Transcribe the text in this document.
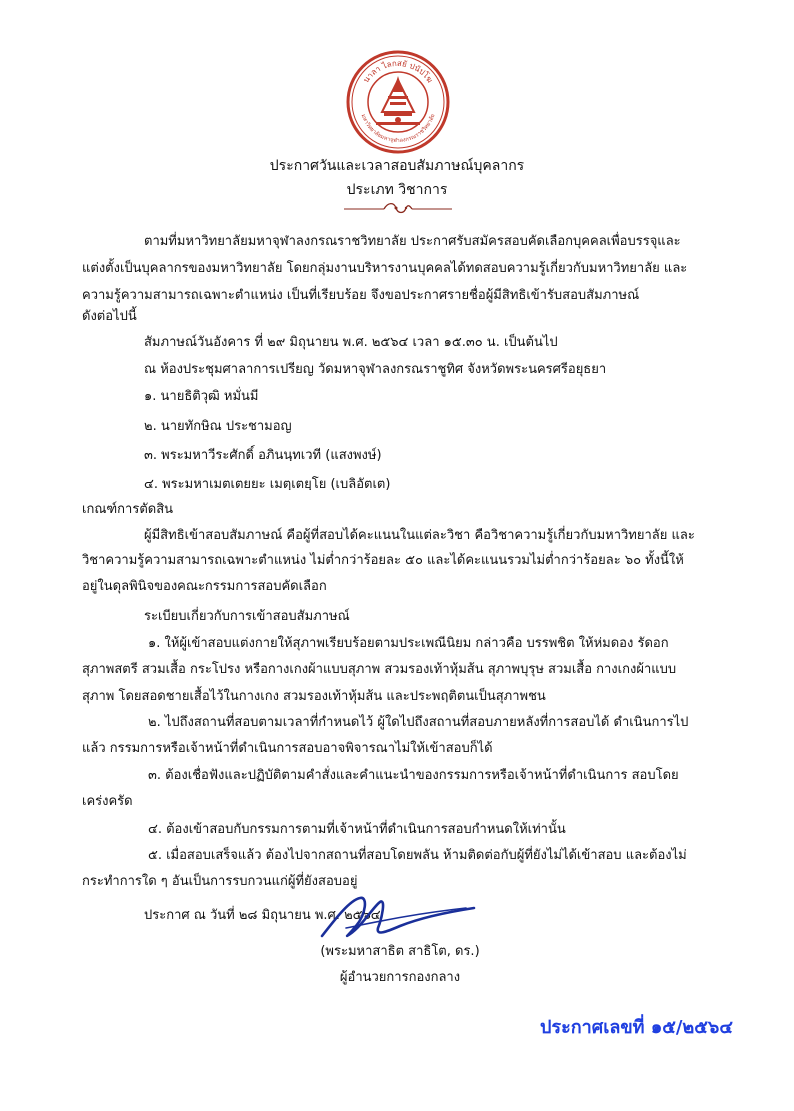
นาลา ไลกสยั ปนัปโฆ
มหาวิทยาลัยมหาจุฬาลงกรณราชวิทยาลัย
ประกาศวันและเวลาสอบสัมภาษณ์บุคลากร
ประเภท วิชาการ
ตามที่มหาวิทยาลัยมหาจุฬาลงกรณราชวิทยาลัย ประกาศรับสมัครสอบคัดเลือกบุคคลเพื่อบรรจุและ
แต่งตั้งเป็นบุคลากรของมหาวิทยาลัย โดยกลุ่มงานบริหารงานบุคคลได้ทดสอบความรู้เกี่ยวกับมหาวิทยาลัย และ
ความรู้ความสามารถเฉพาะตำแหน่ง เป็นที่เรียบร้อย จึงขอประกาศรายชื่อผู้มีสิทธิเข้ารับสอบสัมภาษณ์
ดังต่อไปนี้
สัมภาษณ์วันอังคาร ที่ ๒๙ มิถุนายน พ.ศ. ๒๕๖๔ เวลา ๑๕.๓๐ น. เป็นต้นไป
ณ ห้องประชุมศาลาการเปรียญ วัดมหาจุฬาลงกรณราชูทิศ จังหวัดพระนครศรีอยุธยา
๑. นายธิติวุฒิ หมั่นมี
๒. นายทักษิณ ประชามอญ
๓. พระมหาวีระศักดิ์ อภินนฺทเวที (แสงพงษ์)
๔. พระมหาเมตเตยยะ เมตฺเตยฺโย (เบลิอัตเต)
เกณฑ์การตัดสิน
ผู้มีสิทธิเข้าสอบสัมภาษณ์ คือผู้ที่สอบได้คะแนนในแต่ละวิชา คือวิชาความรู้เกี่ยวกับมหาวิทยาลัย และ
วิชาความรู้ความสามารถเฉพาะตำแหน่ง ไม่ต่ำกว่าร้อยละ ๕๐ และได้คะแนนรวมไม่ต่ำกว่าร้อยละ ๖๐ ทั้งนี้ให้
อยู่ในดุลพินิจของคณะกรรมการสอบคัดเลือก
ระเบียบเกี่ยวกับการเข้าสอบสัมภาษณ์
๑. ให้ผู้เข้าสอบแต่งกายให้สุภาพเรียบร้อยตามประเพณีนิยม กล่าวคือ บรรพชิต ให้ห่มดอง รัดอก
สุภาพสตรี สวมเสื้อ กระโปรง หรือกางเกงผ้าแบบสุภาพ สวมรองเท้าหุ้มส้น สุภาพบุรุษ สวมเสื้อ กางเกงผ้าแบบ
สุภาพ โดยสอดชายเสื้อไว้ในกางเกง สวมรองเท้าหุ้มส้น และประพฤติตนเป็นสุภาพชน
๒. ไปถึงสถานที่สอบตามเวลาที่กำหนดไว้ ผู้ใดไปถึงสถานที่สอบภายหลังที่การสอบได้ ดำเนินการไป
แล้ว กรรมการหรือเจ้าหน้าที่ดำเนินการสอบอาจพิจารณาไม่ให้เข้าสอบก็ได้
๓. ต้องเชื่อฟังและปฏิบัติตามคำสั่งและคำแนะนำของกรรมการหรือเจ้าหน้าที่ดำเนินการ สอบโดย
เคร่งครัด
๔. ต้องเข้าสอบกับกรรมการตามที่เจ้าหน้าที่ดำเนินการสอบกำหนดให้เท่านั้น
๕. เมื่อสอบเสร็จแล้ว ต้องไปจากสถานที่สอบโดยพลัน ห้ามติดต่อกับผู้ที่ยังไม่ได้เข้าสอบ และต้องไม่
กระทำการใด ๆ อันเป็นการรบกวนแก่ผู้ที่ยังสอบอยู่
ประกาศ ณ วันที่ ๒๘ มิถุนายน พ.ศ. ๒๕๖๔
(พระมหาสาธิต สาธิโต, ดร.)
ผู้อำนวยการกองกลาง
ประกาศเลขที่ ๑๕/๒๕๖๔
